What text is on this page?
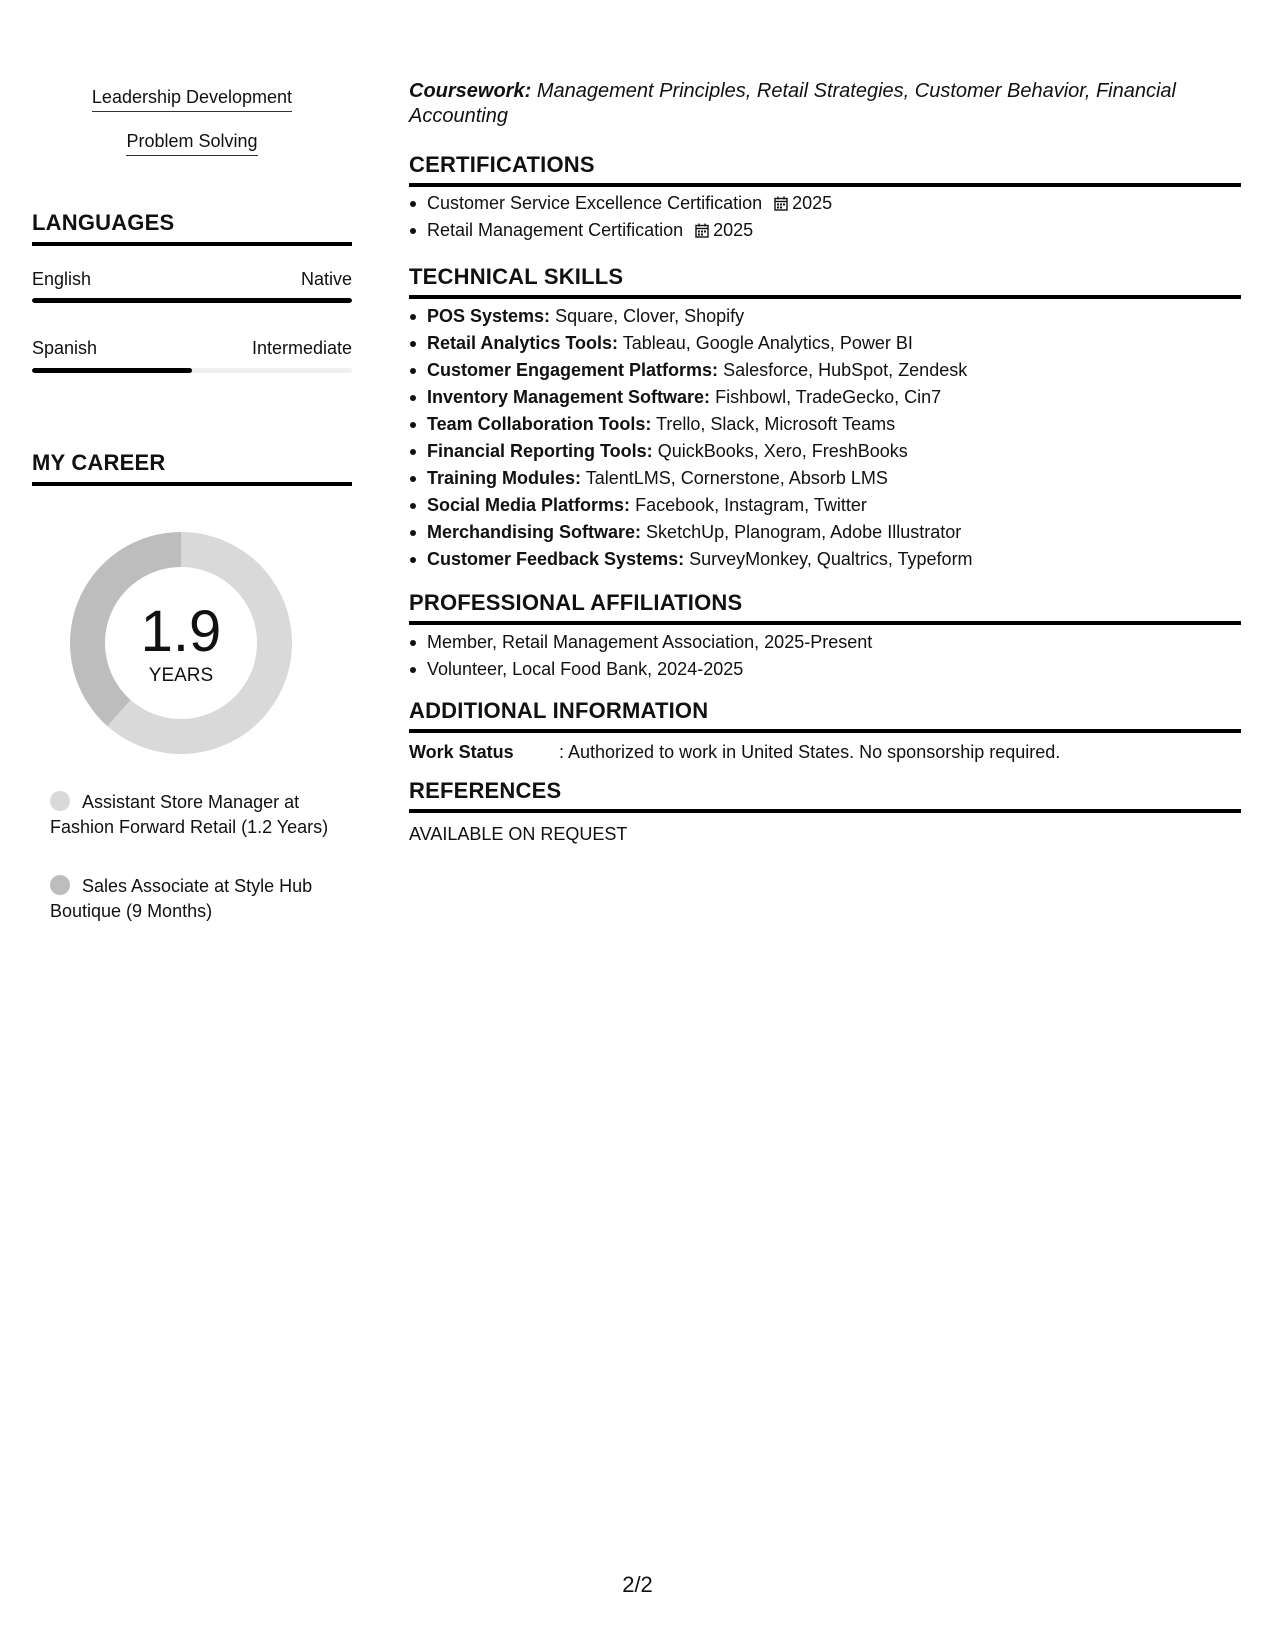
Leadership Development
Problem Solving
LANGUAGES
English	Native
Spanish	Intermediate
MY CAREER
1.9
YEARS
Assistant Store Manager at Fashion Forward Retail (1.2 Years)
Sales Associate at Style Hub Boutique (9 Months)
Coursework: Management Principles, Retail Strategies, Customer Behavior, Financial Accounting
CERTIFICATIONS
Customer Service Excellence Certification 2025
Retail Management Certification 2025
TECHNICAL SKILLS
POS Systems: Square, Clover, Shopify
Retail Analytics Tools: Tableau, Google Analytics, Power BI
Customer Engagement Platforms: Salesforce, HubSpot, Zendesk
Inventory Management Software: Fishbowl, TradeGecko, Cin7
Team Collaboration Tools: Trello, Slack, Microsoft Teams
Financial Reporting Tools: QuickBooks, Xero, FreshBooks
Training Modules: TalentLMS, Cornerstone, Absorb LMS
Social Media Platforms: Facebook, Instagram, Twitter
Merchandising Software: SketchUp, Planogram, Adobe Illustrator
Customer Feedback Systems: SurveyMonkey, Qualtrics, Typeform
PROFESSIONAL AFFILIATIONS
Member, Retail Management Association, 2025-Present
Volunteer, Local Food Bank, 2024-2025
ADDITIONAL INFORMATION
Work Status	: Authorized to work in United States. No sponsorship required.
REFERENCES
AVAILABLE ON REQUEST
2/2
